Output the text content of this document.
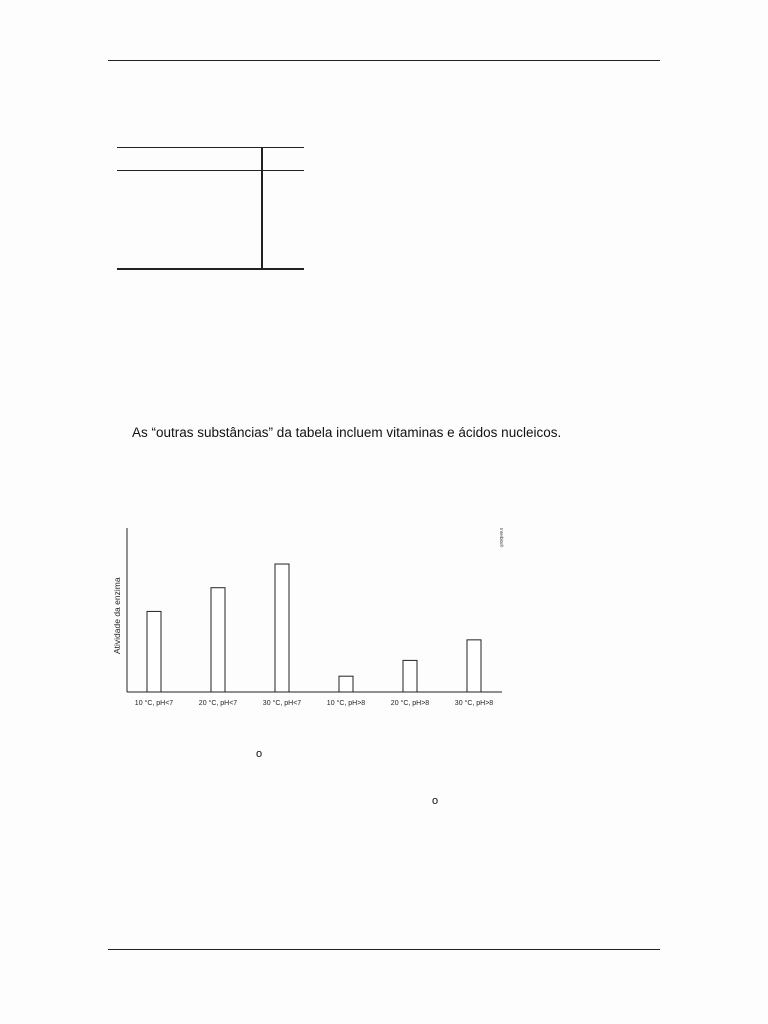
As “outras substâncias” da tabela incluem vitaminas e ácidos nucleicos.
Atividade da enzima
Interbits®
10 °C, pH<7	20 °C, pH<7	30 °C, pH<7	10 °C, pH>8	20 °C, pH>8	30 °C, pH>8
o
o
